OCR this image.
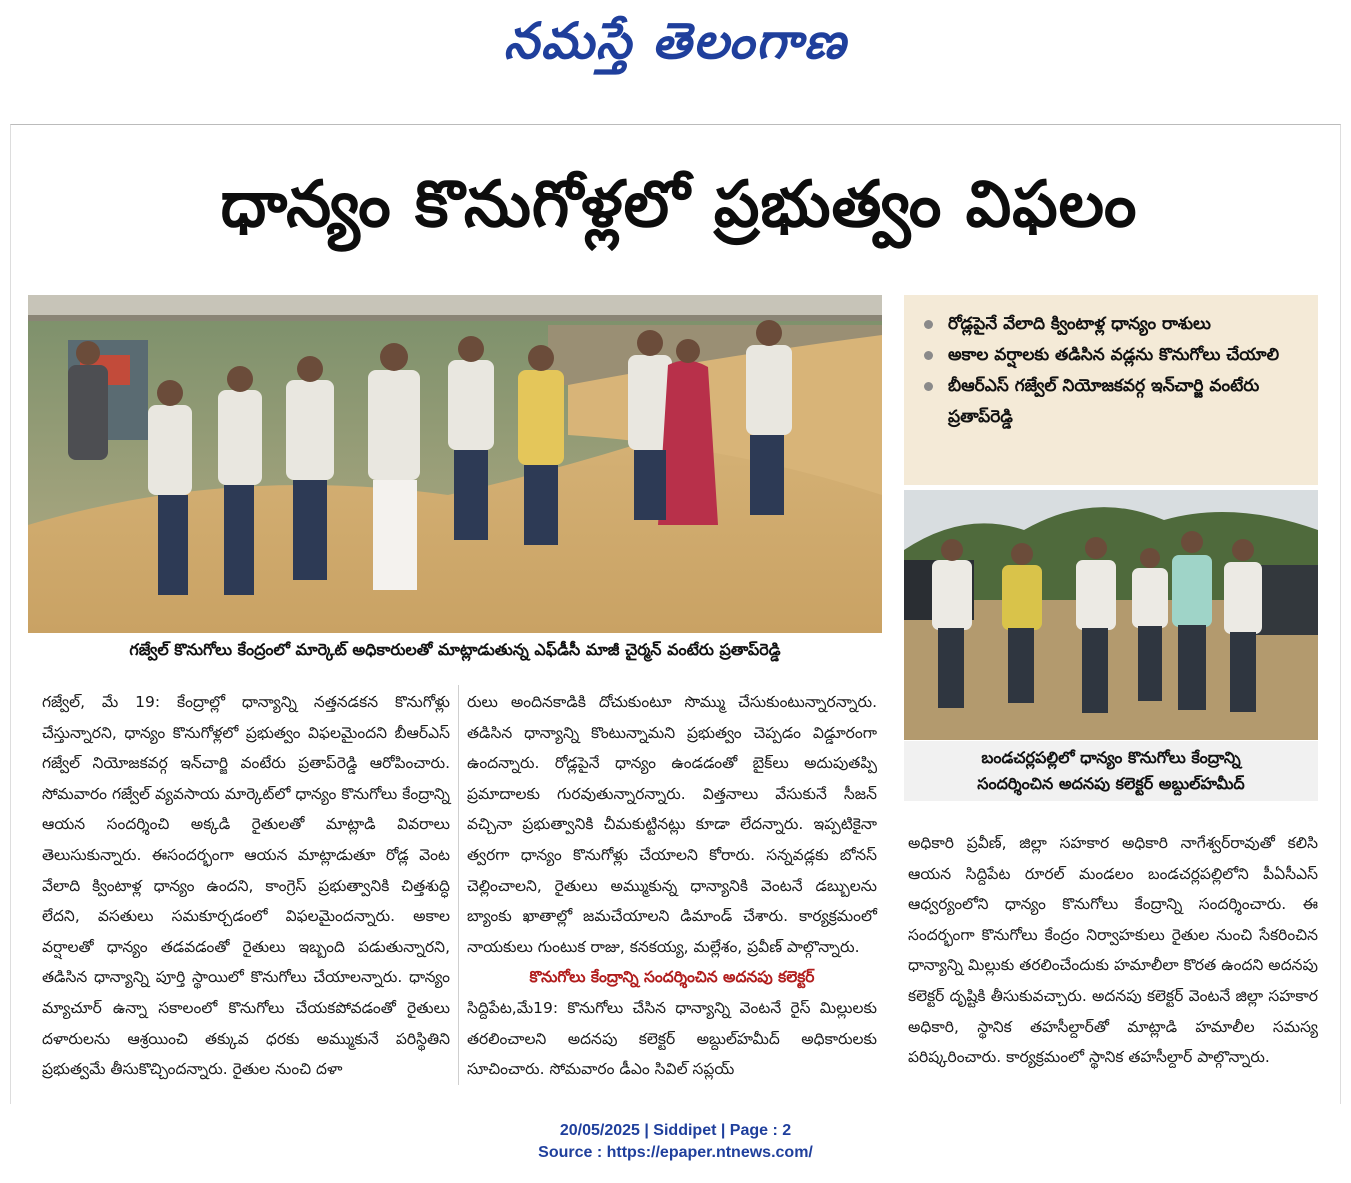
నమస్తే తెలంగాణ
ధాన్యం కొనుగోళ్లలో ప్రభుత్వం విఫలం
గజ్వేల్ కొనుగోలు కేంద్రంలో మార్కెట్ అధికారులతో మాట్లాడుతున్న ఎఫ్‌డీసీ మాజీ చైర్మన్ వంటేరు ప్రతాప్‌రెడ్డి
రోడ్లపైనే వేలాది క్వింటాళ్ల ధాన్యం రాశులు
అకాల వర్షాలకు తడిసిన వడ్లను కొనుగోలు చేయాలి
బీఆర్ఎస్ గజ్వేల్ నియోజకవర్గ ఇన్‌చార్జి వంటేరు ప్రతాప్‌రెడ్డి
బండచర్లపల్లిలో ధాన్యం కొనుగోలు కేంద్రాన్ని
సందర్శించిన అదనపు కలెక్టర్ అబ్దుల్‌హమీద్

గజ్వేల్, మే 19: కేంద్రాల్లో ధాన్యాన్ని నత్తనడకన కొనుగోళ్లు చేస్తున్నారని, ధాన్యం కొనుగోళ్లలో ప్రభుత్వం విఫలమైందని బీఆర్ఎస్ గజ్వేల్ నియోజకవర్గ ఇన్‌చార్జి వంటేరు ప్రతాప్‌రెడ్డి ఆరోపించారు. సోమవారం గజ్వేల్ వ్యవసాయ మార్కెట్‌లో ధాన్యం కొనుగోలు కేంద్రాన్ని ఆయన సందర్శించి అక్కడి రైతులతో మాట్లాడి వివరాలు తెలుసుకున్నారు. ఈసందర్భంగా ఆయన మాట్లాడుతూ రోడ్ల వెంట వేలాది క్వింటాళ్ల ధాన్యం ఉందని, కాంగ్రెస్ ప్రభుత్వానికి చిత్తశుద్ధి లేదని, వసతులు సమకూర్చడంలో విఫలమైందన్నారు. అకాల వర్షాలతో ధాన్యం తడవడంతో రైతులు ఇబ్బంది పడుతున్నారని, తడిసిన ధాన్యాన్ని పూర్తి స్థాయిలో కొనుగోలు చేయాలన్నారు. ధాన్యం మ్యాచూర్ ఉన్నా సకాలంలో కొనుగోలు చేయకపోవడంతో రైతులు దళారులను ఆశ్రయించి తక్కువ ధరకు అమ్ముకునే పరిస్థితిని ప్రభుత్వమే తీసుకొచ్చిందన్నారు. రైతుల నుంచి దళా

రులు అందినకాడికి దోచుకుంటూ సొమ్ము చేసుకుంటున్నారన్నారు. తడిసిన ధాన్యాన్ని కొంటున్నామని ప్రభుత్వం చెప్పడం విడ్డూరంగా ఉందన్నారు. రోడ్లపైనే ధాన్యం ఉండడంతో బైక్‌లు అదుపుతప్పి ప్రమాదాలకు గురవుతున్నారన్నారు. విత్తనాలు వేసుకునే సీజన్ వచ్చినా ప్రభుత్వానికి చీమకుట్టినట్లు కూడా లేదన్నారు. ఇప్పటికైనా త్వరగా ధాన్యం కొనుగోళ్లు చేయాలని కోరారు. సన్నవడ్లకు బోనస్ చెల్లించాలని, రైతులు అమ్ముకున్న ధాన్యానికి వెంటనే డబ్బులను బ్యాంకు ఖాతాల్లో జమచేయాలని డిమాండ్ చేశారు. కార్యక్రమంలో నాయకులు గుంటుక రాజు, కనకయ్య, మల్లేశం, ప్రవీణ్ పాల్గొన్నారు.

కొనుగోలు కేంద్రాన్ని సందర్శించిన అదనపు కలెక్టర్

సిద్దిపేట,మే19: కొనుగోలు చేసిన ధాన్యాన్ని వెంటనే రైస్ మిల్లులకు తరలించాలని అదనపు కలెక్టర్ అబ్దుల్‌హమీద్ అధికారులకు సూచించారు. సోమవారం డీఎం సివిల్ సప్లయ్

అధికారి ప్రవీణ్, జిల్లా సహకార అధికారి నాగేశ్వర్‌రావుతో కలిసి ఆయన సిద్దిపేట రూరల్ మండలం బండచర్లపల్లిలోని పీఏసీఎస్ ఆధ్వర్యంలోని ధాన్యం కొనుగోలు కేంద్రాన్ని సందర్శించారు. ఈ సందర్భంగా కొనుగోలు కేంద్రం నిర్వాహకులు రైతుల నుంచి సేకరించిన ధాన్యాన్ని మిల్లుకు తరలించేందుకు హమాలీలా కొరత ఉందని అదనపు కలెక్టర్ దృష్టికి తీసుకువచ్చారు. అదనపు కలెక్టర్ వెంటనే జిల్లా సహకార అధికారి, స్థానిక తహసీల్దార్‌తో మాట్లాడి హమాలీల సమస్య పరిష్కరించారు. కార్యక్రమంలో స్థానిక తహసీల్దార్ పాల్గొన్నారు.

20/05/2025 | Siddipet | Page : 2
Source : https://epaper.ntnews.com/
